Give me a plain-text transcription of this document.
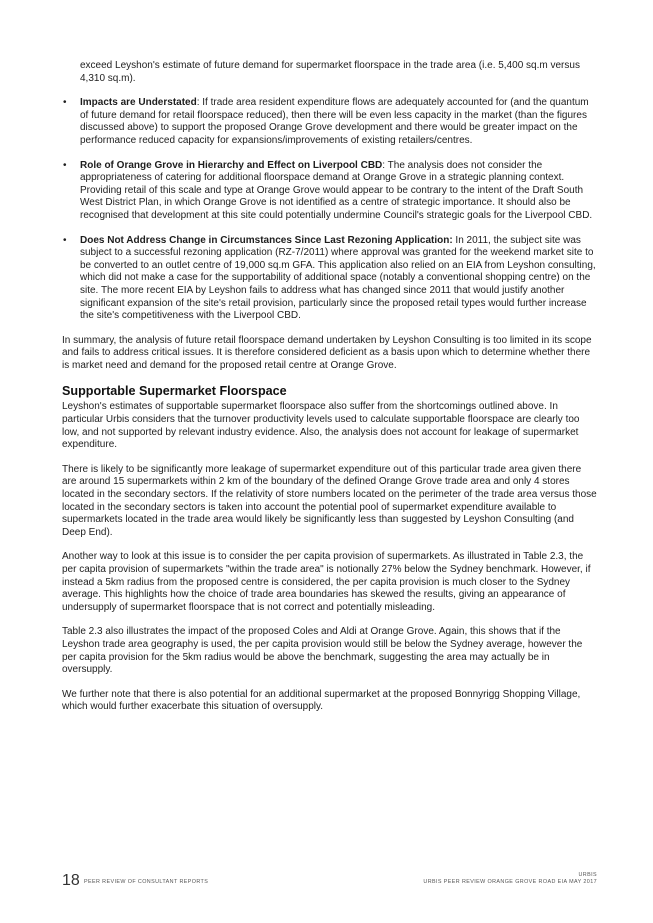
exceed Leyshon's estimate of future demand for supermarket floorspace in the trade area (i.e. 5,400 sq.m versus 4,310 sq.m).

• Impacts are Understated: If trade area resident expenditure flows are adequately accounted for (and the quantum of future demand for retail floorspace reduced), then there will be even less capacity in the market (than the figures discussed above) to support the proposed Orange Grove development and there would be greater impact on the performance reduced capacity for expansions/improvements of existing retailers/centres.
• Role of Orange Grove in Hierarchy and Effect on Liverpool CBD: The analysis does not consider the appropriateness of catering for additional floorspace demand at Orange Grove in a strategic planning context. Providing retail of this scale and type at Orange Grove would appear to be contrary to the intent of the Draft South West District Plan, in which Orange Grove is not identified as a centre of strategic importance. It should also be recognised that development at this site could potentially undermine Council's strategic goals for the Liverpool CBD.
• Does Not Address Change in Circumstances Since Last Rezoning Application: In 2011, the subject site was subject to a successful rezoning application (RZ-7/2011) where approval was granted for the weekend market site to be converted to an outlet centre of 19,000 sq.m GFA. This application also relied on an EIA from Leyshon consulting, which did not make a case for the supportability of additional space (notably a conventional shopping centre) on the site. The more recent EIA by Leyshon fails to address what has changed since 2011 that would justify another significant expansion of the site's retail provision, particularly since the proposed retail types would further increase the site's competitiveness with the Liverpool CBD.

In summary, the analysis of future retail floorspace demand undertaken by Leyshon Consulting is too limited in its scope and fails to address critical issues. It is therefore considered deficient as a basis upon which to determine whether there is market need and demand for the proposed retail centre at Orange Grove.

Supportable Supermarket Floorspace

Leyshon's estimates of supportable supermarket floorspace also suffer from the shortcomings outlined above. In particular Urbis considers that the turnover productivity levels used to calculate supportable floorspace are clearly too low, and not supported by relevant industry evidence. Also, the analysis does not account for leakage of supermarket expenditure.

There is likely to be significantly more leakage of supermarket expenditure out of this particular trade area given there are around 15 supermarkets within 2 km of the boundary of the defined Orange Grove trade area and only 4 stores located in the secondary sectors. If the relativity of store numbers located on the perimeter of the trade area versus those located in the secondary sectors is taken into account the potential pool of supermarket expenditure available to supermarkets located in the trade area would likely be significantly less than suggested by Leyshon Consulting (and Deep End).

Another way to look at this issue is to consider the per capita provision of supermarkets. As illustrated in Table 2.3, the per capita provision of supermarkets "within the trade area" is notionally 27% below the Sydney benchmark. However, if instead a 5km radius from the proposed centre is considered, the per capita provision is much closer to the Sydney average. This highlights how the choice of trade area boundaries has skewed the results, giving an appearance of undersupply of supermarket floorspace that is not correct and potentially misleading.

Table 2.3 also illustrates the impact of the proposed Coles and Aldi at Orange Grove. Again, this shows that if the Leyshon trade area geography is used, the per capita provision would still be below the Sydney average, however the per capita provision for the 5km radius would be above the benchmark, suggesting the area may actually be in oversupply.

We further note that there is also potential for an additional supermarket at the proposed Bonnyrigg Shopping Village, which would further exacerbate this situation of oversupply.

18 PEER REVIEW OF CONSULTANT REPORTS
URBIS
URBIS PEER REVIEW ORANGE GROVE ROAD EIA MAY 2017
